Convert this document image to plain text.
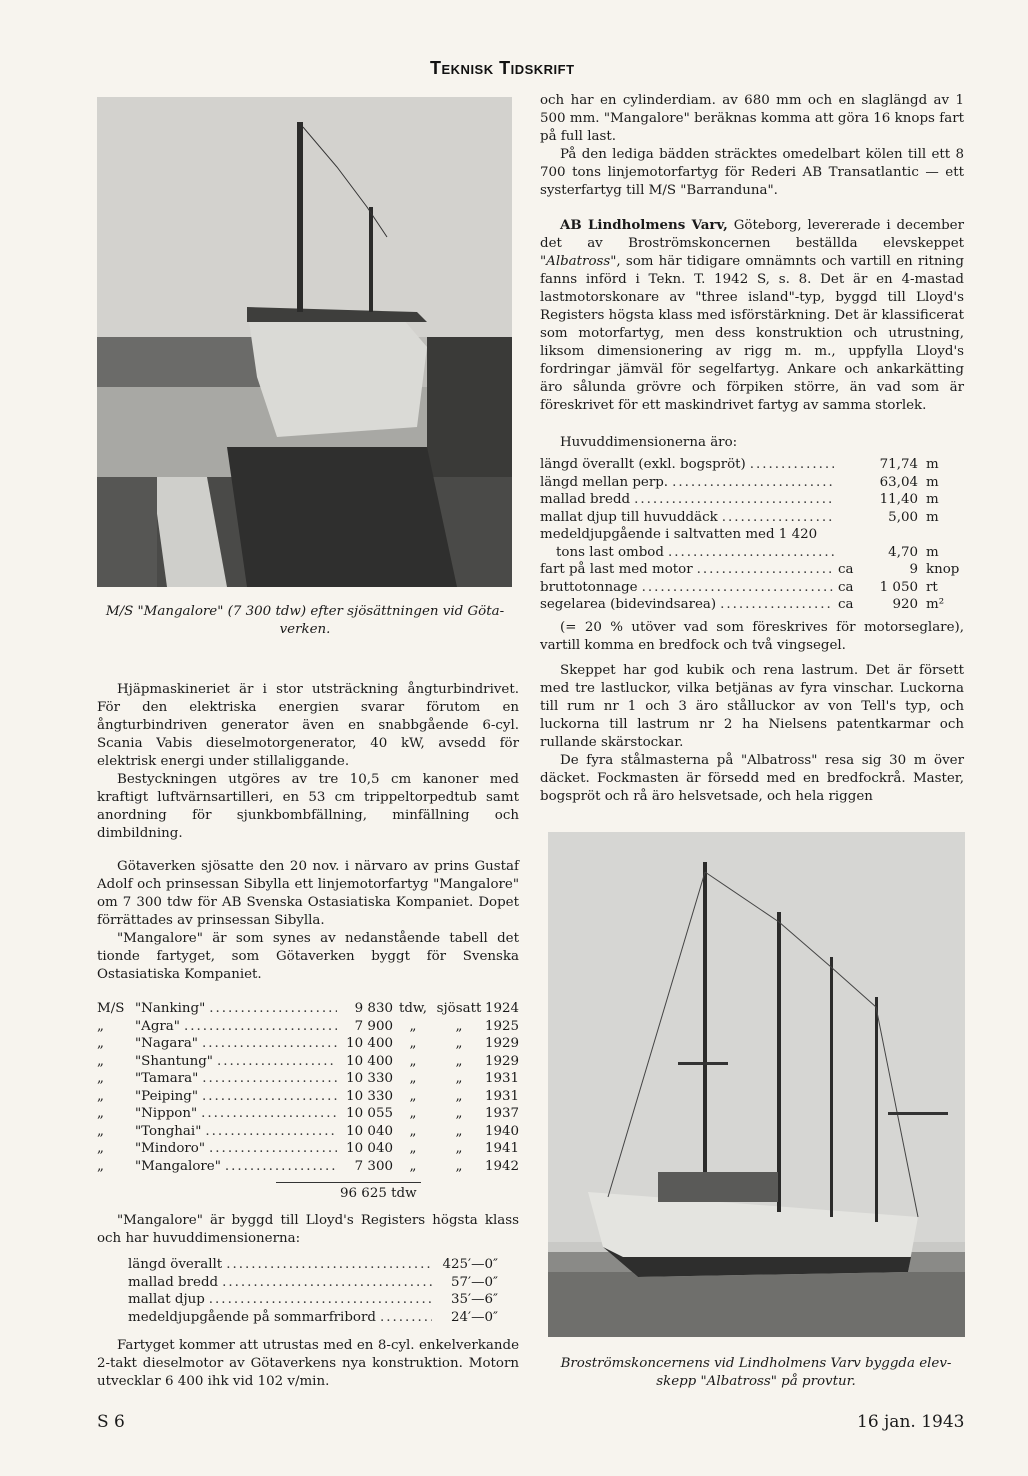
Teknisk Tidskrift

M/S "Mangalore" (7 300 tdw) efter sjösättningen vid Göta-

verken.

Hjäpmaskineriet är i stor utsträckning ångturbindrivet. För den elektriska energien svarar förutom en ångturbindriven generator även en snabbgående 6-cyl. Scania Vabis dieselmotorgenerator, 40 kW, avsedd för elektrisk energi under stillaliggande.

Bestyckningen utgöres av tre 10,5 cm kanoner med kraftigt luftvärnsartilleri, en 53 cm trippeltorpedtub samt anordning för sjunkbombfällning, minfällning och dimbildning.

Götaverken sjösatte den 20 nov. i närvaro av prins Gustaf Adolf och prinsessan Sibylla ett linjemotorfartyg "Mangalore" om 7 300 tdw för AB Svenska Ostasiatiska Kompaniet. Dopet förrättades av prinsessan Sibylla.

"Mangalore" är som synes av nedanstående tabell det tionde fartyget, som Götaverken byggt för Svenska Ostasiatiska Kompaniet.

M/S "Nanking" .....	9 830 tdw, sjösatt 1924
„	"Agra" .....	7 900	„	„	1925
„	"Nagara" .....	10 400	„	„	1929
„	"Shantung" .....	10 400	„	„	1929
„	"Tamara" .....	10 330	„	„	1931
„	"Peiping" .....	10 330	„	„	1931
„	"Nippon" .....	10 055	„	„	1937
„	"Tonghai" .....	10 040	„	„	1940
„	"Mindoro" .....	10 040	„	„	1941
„	"Mangalore" .....	7 300	„	„	1942
96 625 tdw

"Mangalore" är byggd till Lloyd's Registers högsta klass och har huvuddimensionerna:

längd överallt .....	425′—0″
mallad bredd .....	57′—0″
mallat djup .....	35′—6″
medeldjupgående på sommarfribord .....	24′—0″

Fartyget kommer att utrustas med en 8-cyl. enkelverkande 2-takt dieselmotor av Götaverkens nya konstruktion. Motorn utvecklar 6 400 ihk vid 102 v/min.

och har en cylinderdiam. av 680 mm och en slaglängd av 1 500 mm. "Mangalore" beräknas komma att göra 16 knops fart på full last.

På den lediga bädden sträcktes omedelbart kölen till ett 8 700 tons linjemotorfartyg för Rederi AB Transatlantic — ett systerfartyg till M/S "Barranduna".

AB Lindholmens Varv, Göteborg, levererade i december det av Broströmskoncernen beställda elevskeppet "Albatross", som här tidigare omnämnts och vartill en ritning fanns införd i Tekn. T. 1942 S, s. 8. Det är en 4-mastad lastmotorskonare av "three island"-typ, byggd till Lloyd's Registers högsta klass med isförstärkning. Det är klassificerat som motorfartyg, men dess konstruktion och utrustning, liksom dimensionering av rigg m. m., uppfylla Lloyd's fordringar jämväl för segelfartyg. Ankare och ankarkätting äro sålunda grövre och förpiken större, än vad som är föreskrivet för ett maskindrivet fartyg av samma storlek.

Huvuddimensionerna äro:

längd överallt (exkl. bogspröt) .....	71,74 m
längd mellan perp. .....	63,04 m
mallad bredd .....	11,40 m
mallat djup till huvuddäck .....	5,00 m
medeldjupgående i saltvatten med 1 420
tons last ombod .....	4,70 m
fart på last med motor .....	ca	9 knop
bruttotonnage .....	ca	1 050 rt
segelarea (bidevindsarea) .....	ca	920 m²

(= 20 % utöver vad som föreskrives för motorseglare), vartill komma en bredfock och två vingsegel.

Skeppet har god kubik och rena lastrum. Det är försett med tre lastluckor, vilka betjänas av fyra vinschar. Luckorna till rum nr 1 och 3 äro stålluckor av von Tell's typ, och luckorna till lastrum nr 2 ha Nielsens patentkarmar och rullande skärstockar.

De fyra stålmasterna på "Albatross" resa sig 30 m över däcket. Fockmasten är försedd med en bredfockrå. Master, bogspröt och rå äro helsvetsade, och hela riggen

Broströmskoncernens vid Lindholmens Varv byggda elev-

skepp "Albatross" på provtur.

S 6	16 jan. 1943
